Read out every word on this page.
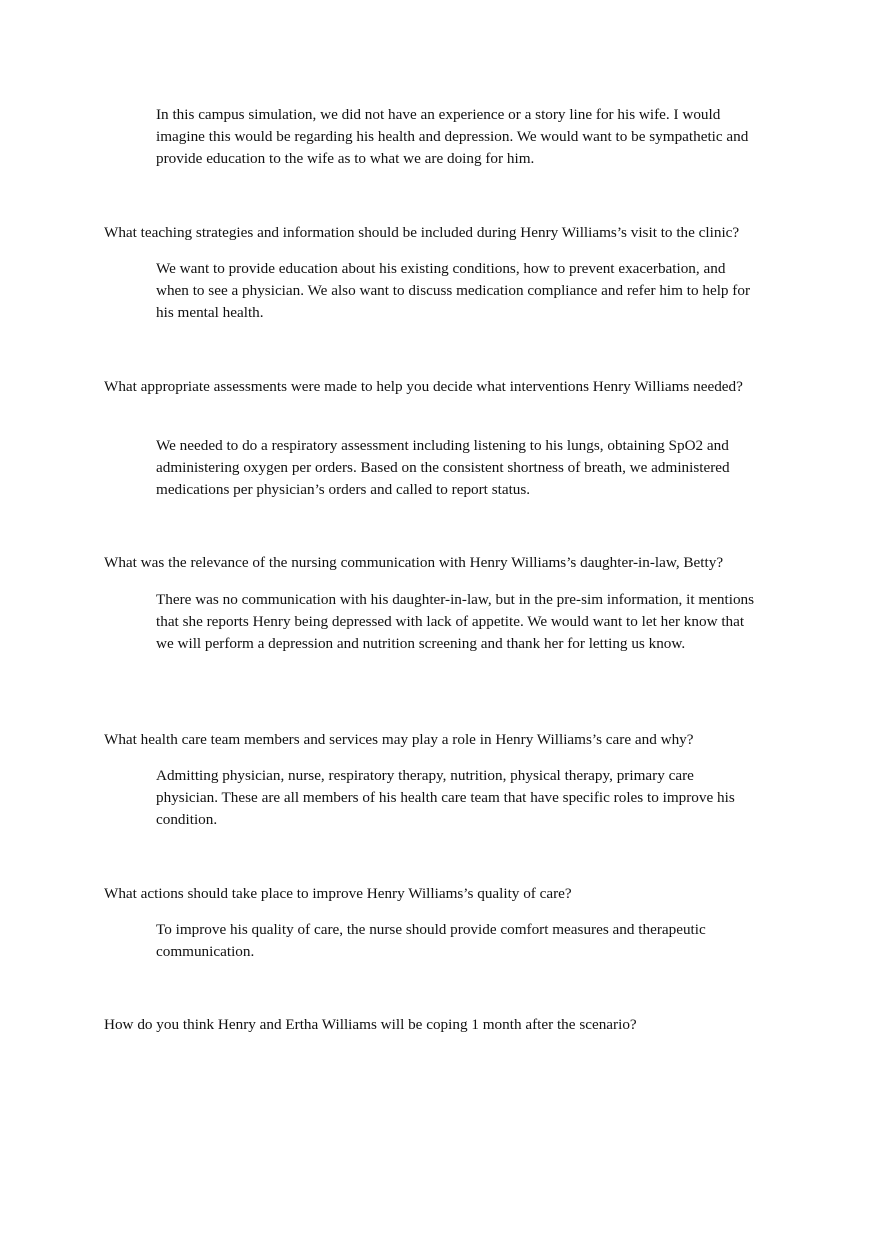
In this campus simulation, we did not have an experience or a story line for his wife. I would imagine this would be regarding his health and depression. We would want to be sympathetic and provide education to the wife as to what we are doing for him.

What teaching strategies and information should be included during Henry Williams’s visit to the clinic?

We want to provide education about his existing conditions, how to prevent exacerbation, and when to see a physician. We also want to discuss medication compliance and refer him to help for his mental health.

What appropriate assessments were made to help you decide what interventions Henry Williams needed?

We needed to do a respiratory assessment including listening to his lungs, obtaining SpO2 and administering oxygen per orders. Based on the consistent shortness of breath, we administered medications per physician’s orders and called to report status.

What was the relevance of the nursing communication with Henry Williams’s daughter-in-law, Betty?

There was no communication with his daughter-in-law, but in the pre-sim information, it mentions that she reports Henry being depressed with lack of appetite. We would want to let her know that we will perform a depression and nutrition screening and thank her for letting us know.

What health care team members and services may play a role in Henry Williams’s care and why?

Admitting physician, nurse, respiratory therapy, nutrition, physical therapy, primary care physician. These are all members of his health care team that have specific roles to improve his condition.

What actions should take place to improve Henry Williams’s quality of care?

To improve his quality of care, the nurse should provide comfort measures and therapeutic communication.

How do you think Henry and Ertha Williams will be coping 1 month after the scenario?
